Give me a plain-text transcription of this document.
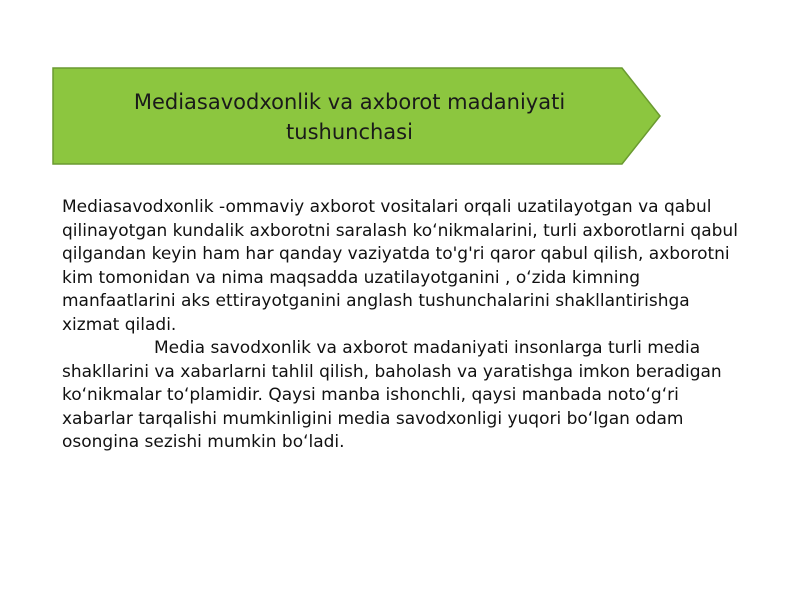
Mediasavodxonlik va axborot madaniyati tushunchasi

Mediasavodxonlik -ommaviy axborot vositalari orqali uzatilayotgan va qabul qilinayotgan kundalik axborotni saralash koʻnikmalarini, turli axborotlarni qabul qilgandan keyin ham har qanday vaziyatda to'g'ri qaror qabul qilish, axborotni kim tomonidan va nima maqsadda uzatilayotganini , oʻzida kimning manfaatlarini aks ettirayotganini anglash tushunchalarini shakllantirishga xizmat qiladi.

Media savodxonlik va axborot madaniyati insonlarga turli media shakllarini va xabarlarni tahlil qilish, baholash va yaratishga imkon beradigan koʻnikmalar toʻplamidir. Qaysi manba ishonchli, qaysi manbada notoʻgʻri xabarlar tarqalishi mumkinligini media savodxonligi yuqori boʻlgan odam osongina sezishi mumkin boʻladi.
